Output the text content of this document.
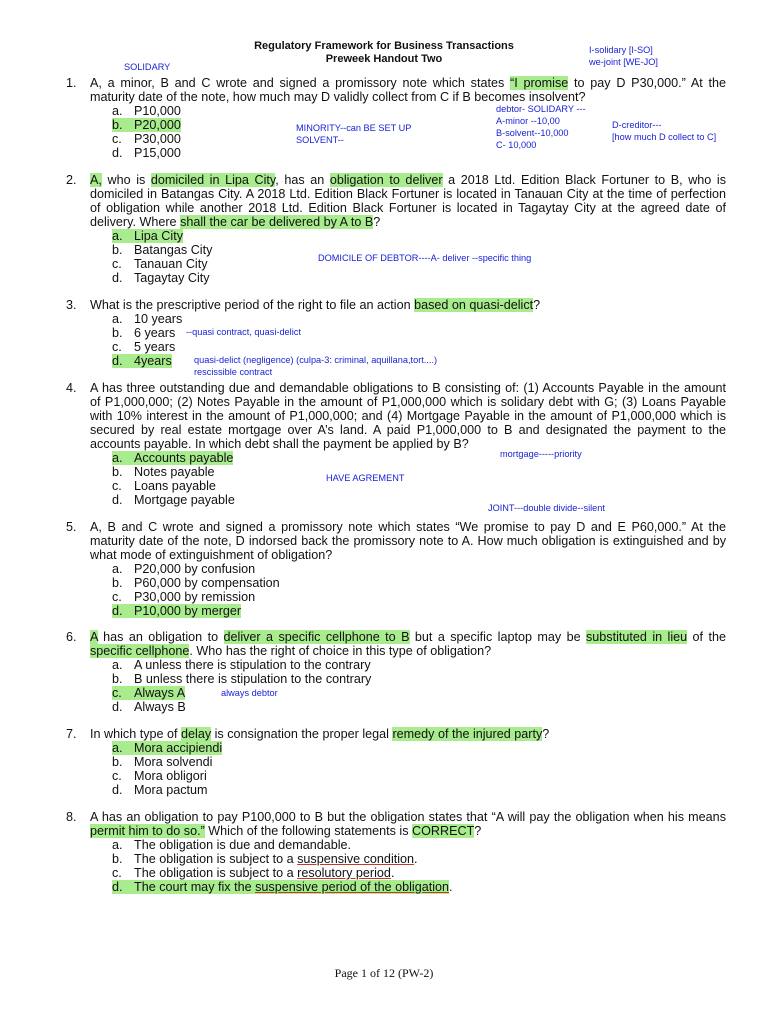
Regulatory Framework for Business Transactions
Preweek Handout Two
SOLIDARY
I-solidary [I-SO]
we-joint [WE-JO]
debtor- SOLIDARY ---
A-minor --10,00
B-solvent--10,000
C- 10,000
D-creditor---
[how much D collect to C]
MINORITY--can BE SET UP
SOLVENT--
1. A, a minor, B and C wrote and signed a promissory note which states “I promise to pay D P30,000.” At the maturity date of the note, how much may D validly collect from C if B becomes insolvent?
a. P10,000
b. P20,000
c. P30,000
d. P15,000
2. A, who is domiciled in Lipa City, has an obligation to deliver a 2018 Ltd. Edition Black Fortuner to B, who is domiciled in Batangas City. A 2018 Ltd. Edition Black Fortuner is located in Tanauan City at the time of perfection of obligation while another 2018 Ltd. Edition Black Fortuner is located in Tagaytay City at the agreed date of delivery. Where shall the car be delivered by A to B?
a. Lipa City
b. Batangas City
c. Tanauan City
d. Tagaytay City
DOMICILE OF DEBTOR----A- deliver --specific thing
3. What is the prescriptive period of the right to file an action based on quasi-delict?
a. 10 years
b. 6 years
c. 5 years
d. 4years
--quasi contract, quasi-delict
quasi-delict (negligence) (culpa-3: criminal, aquillana,tort....)
rescissible contract
4. A has three outstanding due and demandable obligations to B consisting of: (1) Accounts Payable in the amount of P1,000,000; (2) Notes Payable in the amount of P1,000,000 which is solidary debt with G; (3) Loans Payable with 10% interest in the amount of P1,000,000; and (4) Mortgage Payable in the amount of P1,000,000 which is secured by real estate mortgage over A’s land. A paid P1,000,000 to B and designated the payment to the accounts payable. In which debt shall the payment be applied by B?
a. Accounts payable
b. Notes payable
c. Loans payable
d. Mortgage payable
mortgage-----priority
HAVE AGREMENT
JOINT---double divide--silent
5. A, B and C wrote and signed a promissory note which states “We promise to pay D and E P60,000.” At the maturity date of the note, D indorsed back the promissory note to A. How much obligation is extinguished and by what mode of extinguishment of obligation?
a. P20,000 by confusion
b. P60,000 by compensation
c. P30,000 by remission
d. P10,000 by merger
6. A has an obligation to deliver a specific cellphone to B but a specific laptop may be substituted in lieu of the specific cellphone. Who has the right of choice in this type of obligation?
a. A unless there is stipulation to the contrary
b. B unless there is stipulation to the contrary
c. Always A
d. Always B
always debtor
7. In which type of delay is consignation the proper legal remedy of the injured party?
a. Mora accipiendi
b. Mora solvendi
c. Mora obligori
d. Mora pactum
8. A has an obligation to pay P100,000 to B but the obligation states that “A will pay the obligation when his means permit him to do so.” Which of the following statements is CORRECT?
a. The obligation is due and demandable.
b. The obligation is subject to a suspensive condition.
c. The obligation is subject to a resolutory period.
d. The court may fix the suspensive period of the obligation.
Page 1 of 12 (PW-2)
